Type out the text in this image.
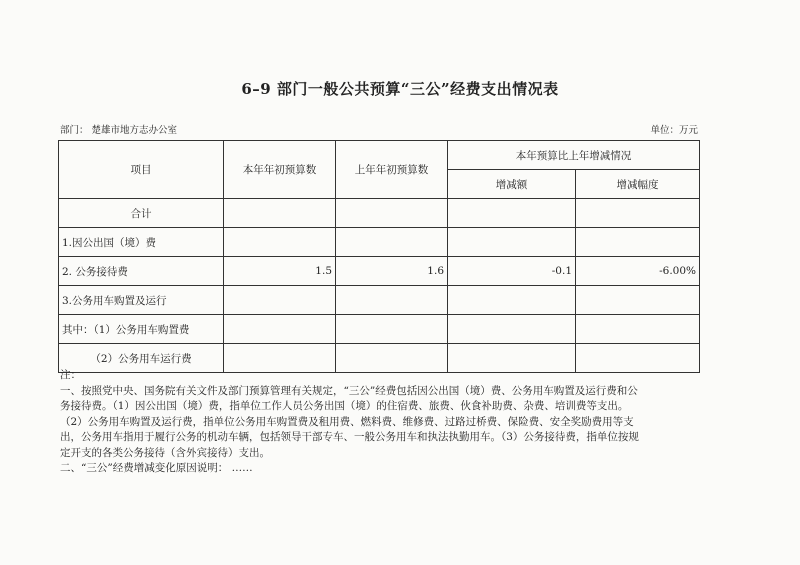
6–9 部门一般公共预算“三公”经费支出情况表
部门： 楚雄市地方志办公室	单位：万元
项目	本年年初预算数	上年年初预算数	本年预算比上年增减情况	
			增减额	增减幅度
合计				
1.因公出国（境）费				
2. 公务接待费	1.5	1.6	-0.1	-6.00%
3.公务用车购置及运行				
其中：（1）公务用车购置费				
（2）公务用车运行费				
注：
一、按照党中央、国务院有关文件及部门预算管理有关规定，“三公”经费包括因公出国（境）费、公务用车购置及运行费和公
务接待费。（1）因公出国（境）费，指单位工作人员公务出国（境）的住宿费、旅费、伙食补助费、杂费、培训费等支出。
（2）公务用车购置及运行费，指单位公务用车购置费及租用费、燃料费、维修费、过路过桥费、保险费、安全奖励费用等支
出，公务用车指用于履行公务的机动车辆，包括领导干部专车、一般公务用车和执法执勤用车。（3）公务接待费，指单位按规
定开支的各类公务接待（含外宾接待）支出。
二、“三公”经费增减变化原因说明： ……
